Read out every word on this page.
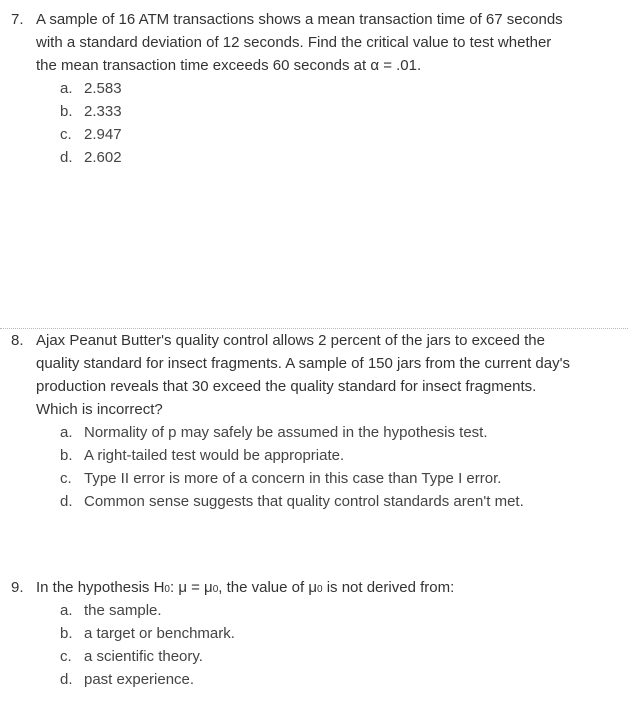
7. A sample of 16 ATM transactions shows a mean transaction time of 67 seconds
with a standard deviation of 12 seconds. Find the critical value to test whether
the mean transaction time exceeds 60 seconds at α = .01.
a. 2.583
b. 2.333
c. 2.947
d. 2.602
8. Ajax Peanut Butter's quality control allows 2 percent of the jars to exceed the
quality standard for insect fragments. A sample of 150 jars from the current day's
production reveals that 30 exceed the quality standard for insect fragments.
Which is incorrect?
a. Normality of p may safely be assumed in the hypothesis test.
b. A right-tailed test would be appropriate.
c. Type II error is more of a concern in this case than Type I error.
d. Common sense suggests that quality control standards aren't met.
9. In the hypothesis H0: μ = μ0, the value of μ0 is not derived from:
a. the sample.
b. a target or benchmark.
c. a scientific theory.
d. past experience.
